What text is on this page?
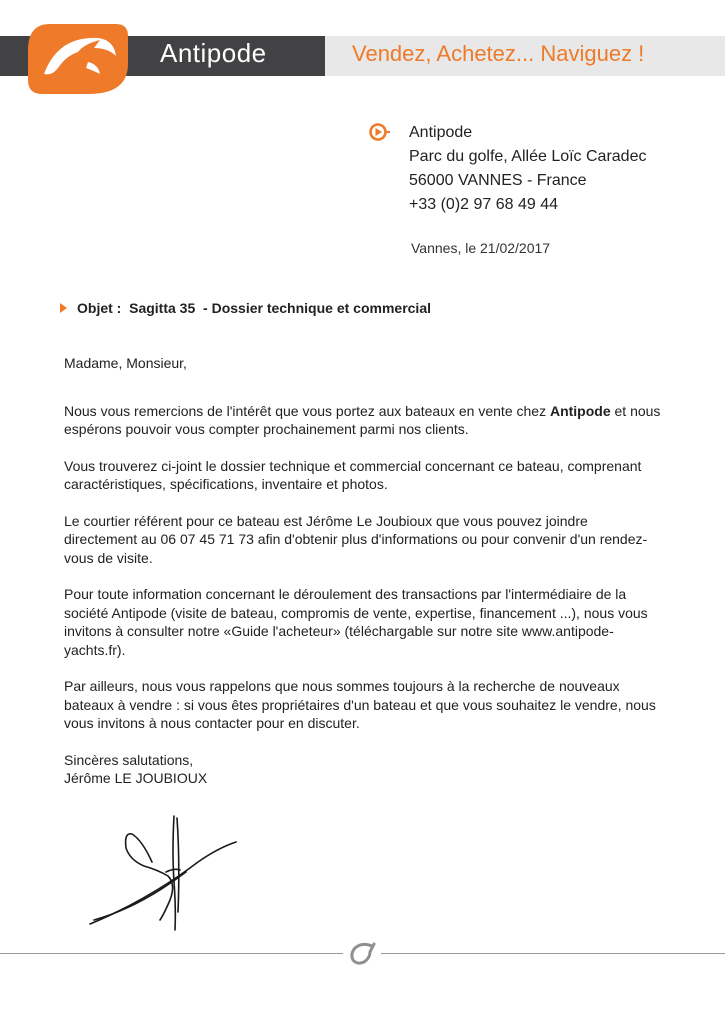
Antipode	Vendez, Achetez... Naviguez !
Antipode
Parc du golfe, Allée Loïc Caradec
56000 VANNES - France
+33 (0)2 97 68 49 44
Vannes, le 21/02/2017
Objet :  Sagitta 35  - Dossier technique et commercial

Madame, Monsieur,

Nous vous remercions de l'intérêt que vous portez aux bateaux en vente chez Antipode et nous espérons pouvoir vous compter prochainement parmi nos clients.

Vous trouverez ci-joint le dossier technique et commercial concernant ce bateau, comprenant caractéristiques, spécifications, inventaire et photos.

Le courtier référent pour ce bateau est Jérôme Le Joubioux que vous pouvez joindre directement au 06 07 45 71 73 afin d'obtenir plus d'informations ou pour convenir d'un rendez-vous de visite.

Pour toute information concernant le déroulement des transactions par l'intermédiaire de la société Antipode (visite de bateau, compromis de vente, expertise, financement ...), nous vous invitons à consulter notre «Guide l'acheteur» (téléchargable sur notre site www.antipode-yachts.fr).

Par ailleurs, nous vous rappelons que nous sommes toujours à la recherche de nouveaux bateaux à vendre : si vous êtes propriétaires d'un bateau et que vous souhaitez le vendre, nous vous invitons à nous contacter pour en discuter.

Sincères salutations,

Jérôme LE JOUBIOUX
